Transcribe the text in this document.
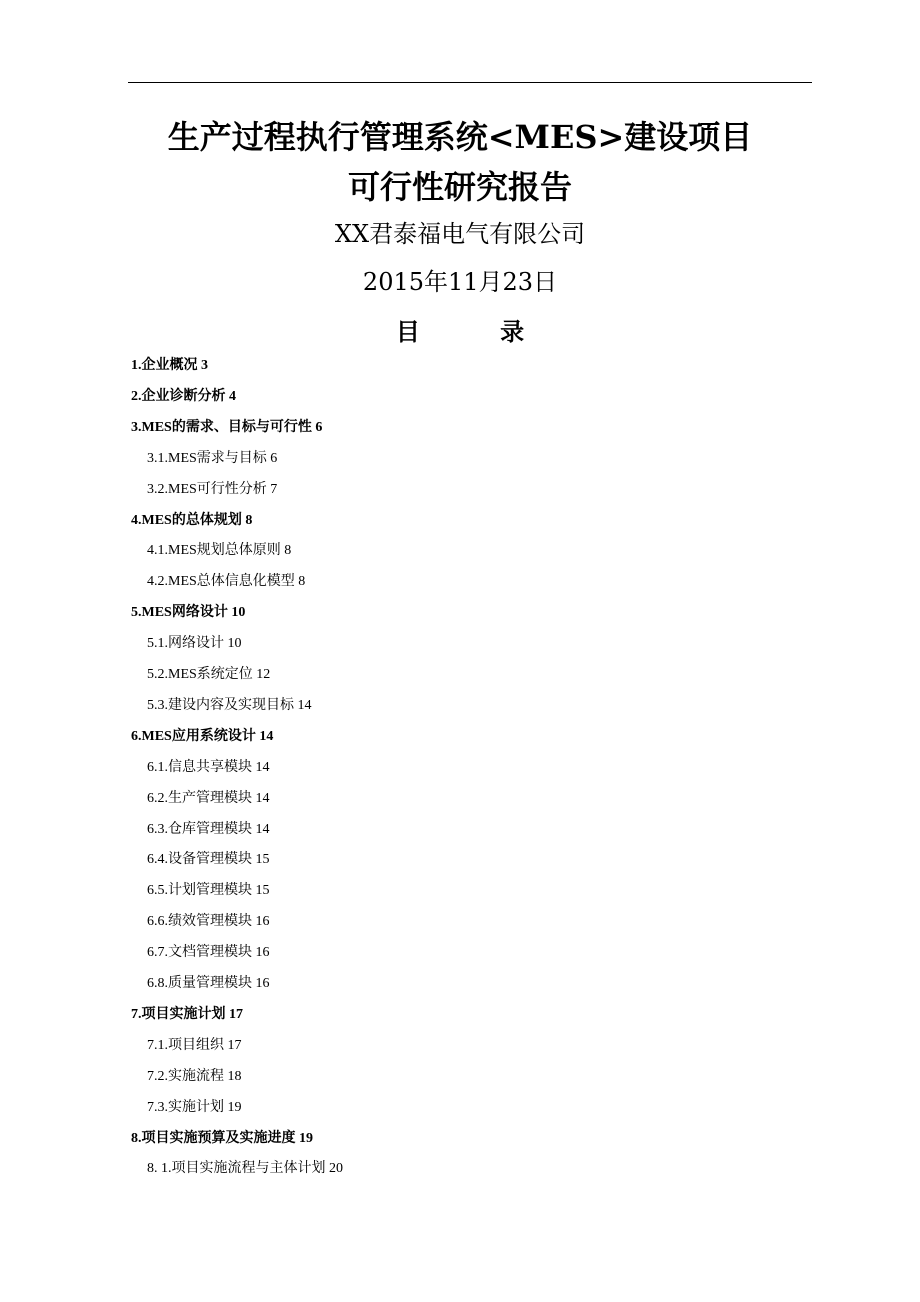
生产过程执行管理系统<MES>建设项目
可行性研究报告
XX君泰福电气有限公司
2015年11月23日
目 录
1.企业概况 3
2.企业诊断分析 4
3.MES的需求、目标与可行性 6
3.1.MES需求与目标 6
3.2.MES可行性分析 7
4.MES的总体规划 8
4.1.MES规划总体原则 8
4.2.MES总体信息化模型 8
5.MES网络设计 10
5.1.网络设计 10
5.2.MES系统定位 12
5.3.建设内容及实现目标 14
6.MES应用系统设计 14
6.1.信息共享模块 14
6.2.生产管理模块 14
6.3.仓库管理模块 14
6.4.设备管理模块 15
6.5.计划管理模块 15
6.6.绩效管理模块 16
6.7.文档管理模块 16
6.8.质量管理模块 16
7.项目实施计划 17
7.1.项目组织 17
7.2.实施流程 18
7.3.实施计划 19
8.项目实施预算及实施进度 19
8. 1.项目实施流程与主体计划 20
